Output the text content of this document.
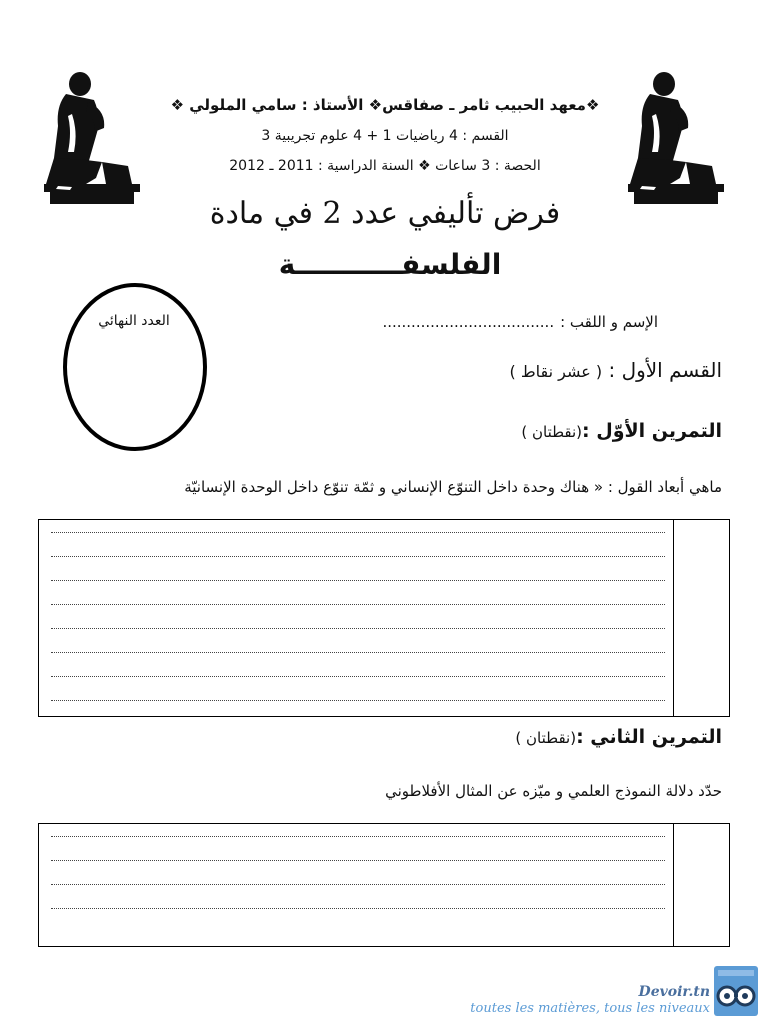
❖معهد الحبيب ثامر ـ صفاقس❖ الأستاذ : سامي الملولي ❖
القسم : 4 رياضيات 1 + 4 علوم تجريبية 3
الحصة : 3 ساعات ❖ السنة الدراسية : 2011 ـ 2012
فرض تأليفي عدد 2 في مادة
الفلسفـــــــــــة
العدد النهائي	الإسم و اللقب :....................................
القسم الأول : ( عشر نقاط )
التمرين الأوّل :(نقطتان )
ماهي أبعاد القول : « هناك وحدة داخل التنوّع الإنساني و ثمّة تنوّع داخل الوحدة الإنسانيّة
التمرين الثاني :(نقطتان )
حدّد دلالة النموذج العلمي و ميّزه عن المثال الأفلاطوني
Devoir.tn
toutes les matières, tous les niveaux
